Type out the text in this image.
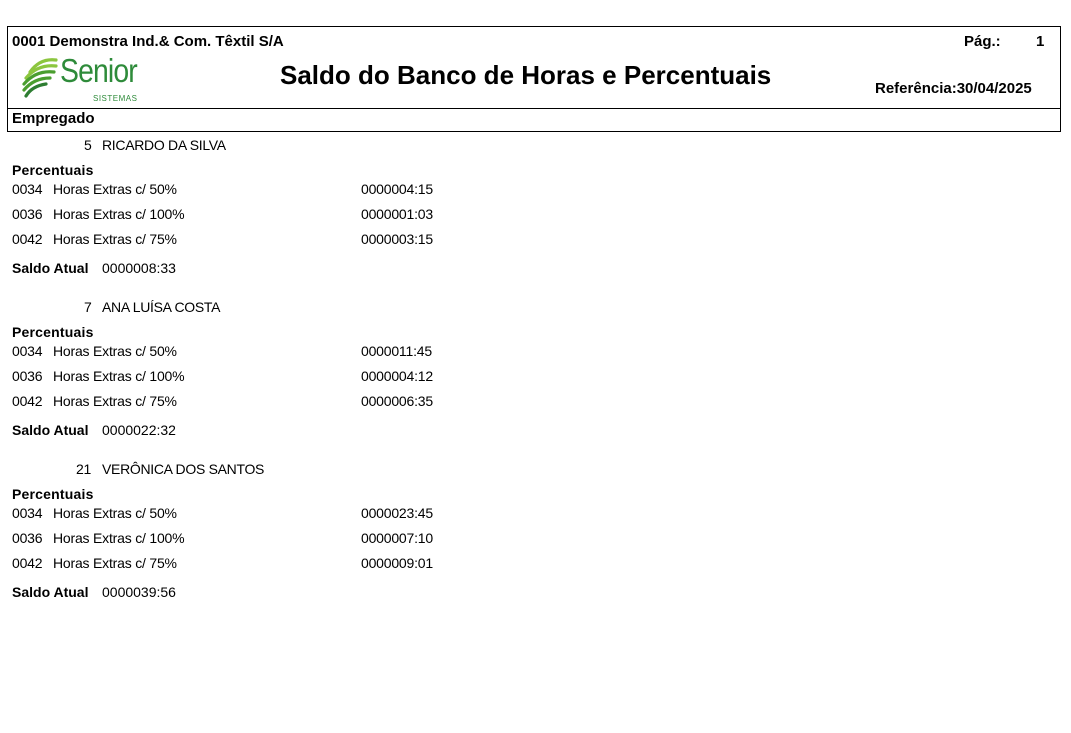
0001 Demonstra Ind.& Com. Têxtil S/A	Pág.: 1
Senior
SISTEMAS
Saldo do Banco de Horas e Percentuais	Referência:30/04/2025
Empregado
5 RICARDO DA SILVA
Percentuais
0034 Horas Extras c/ 50%	0000004:15
0036 Horas Extras c/ 100%	0000001:03
0042 Horas Extras c/ 75%	0000003:15
Saldo Atual 0000008:33
7 ANA LUÍSA COSTA
Percentuais
0034 Horas Extras c/ 50%	0000011:45
0036 Horas Extras c/ 100%	0000004:12
0042 Horas Extras c/ 75%	0000006:35
Saldo Atual 0000022:32
21 VERÔNICA DOS SANTOS
Percentuais
0034 Horas Extras c/ 50%	0000023:45
0036 Horas Extras c/ 100%	0000007:10
0042 Horas Extras c/ 75%	0000009:01
Saldo Atual 0000039:56
